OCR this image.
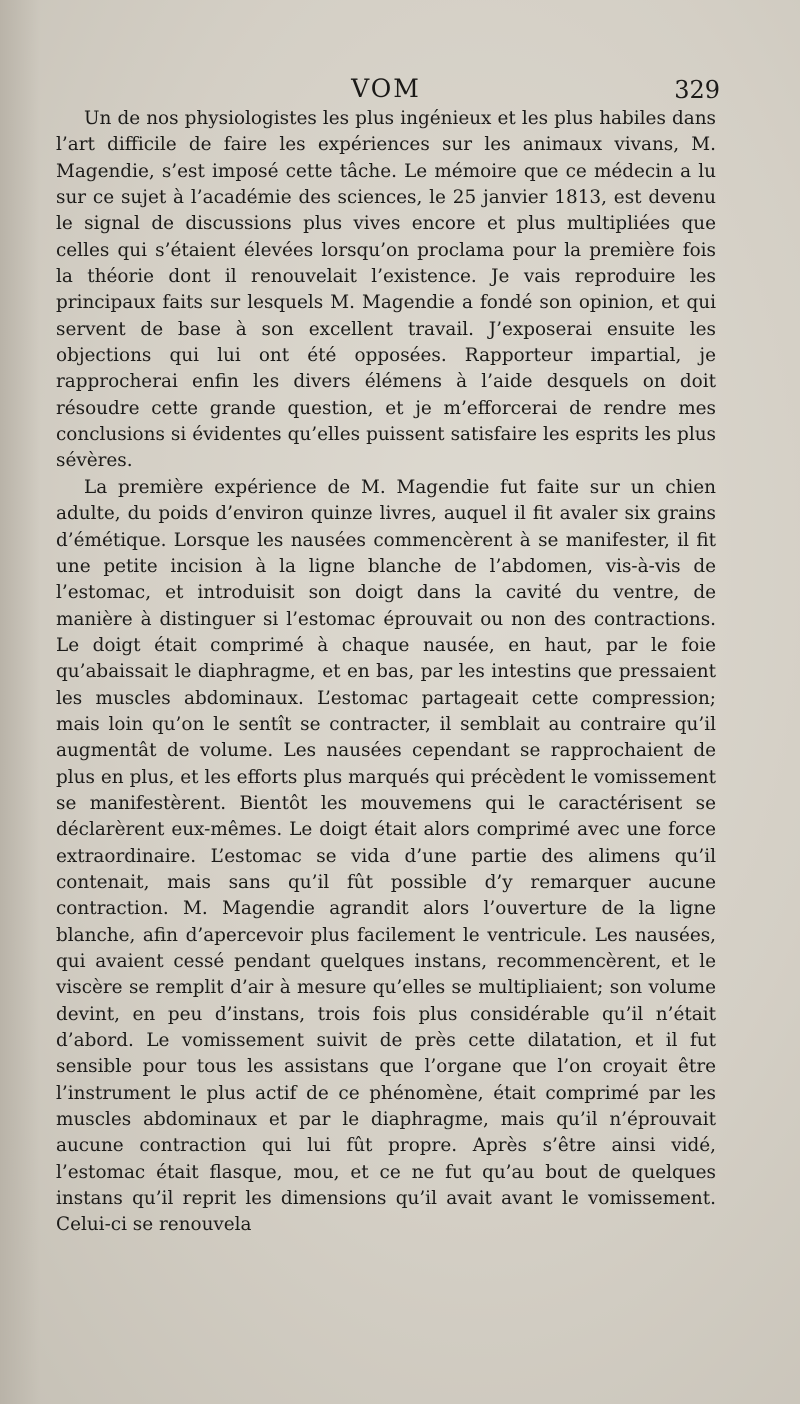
VOM	329

Un de nos physiologistes les plus ingénieux et les plus habiles dans l’art difficile de faire les expériences sur les animaux vivans, M. Magendie, s’est imposé cette tâche. Le mémoire que ce médecin a lu sur ce sujet à l’académie des sciences, le 25 janvier 1813, est devenu le signal de discussions plus vives encore et plus multipliées que celles qui s’étaient élevées lorsqu’on proclama pour la première fois la théorie dont il renouvelait l’existence. Je vais reproduire les principaux faits sur lesquels M. Magendie a fondé son opinion, et qui servent de base à son excellent travail. J’exposerai ensuite les objections qui lui ont été opposées. Rapporteur impartial, je rapprocherai enfin les divers élémens à l’aide desquels on doit résoudre cette grande question, et je m’efforcerai de rendre mes conclusions si évidentes qu’elles puissent satisfaire les esprits les plus sévères.

La première expérience de M. Magendie fut faite sur un chien adulte, du poids d’environ quinze livres, auquel il fit avaler six grains d’émétique. Lorsque les nausées commencèrent à se manifester, il fit une petite incision à la ligne blanche de l’abdomen, vis-à-vis de l’estomac, et introduisit son doigt dans la cavité du ventre, de manière à distinguer si l’estomac éprouvait ou non des contractions. Le doigt était comprimé à chaque nausée, en haut, par le foie qu’abaissait le diaphragme, et en bas, par les intestins que pressaient les muscles abdominaux. L’estomac partageait cette compression; mais loin qu’on le sentît se contracter, il semblait au contraire qu’il augmentât de volume. Les nausées cependant se rapprochaient de plus en plus, et les efforts plus marqués qui précèdent le vomissement se manifestèrent. Bientôt les mouvemens qui le caractérisent se déclarèrent eux-mêmes. Le doigt était alors comprimé avec une force extraordinaire. L’estomac se vida d’une partie des alimens qu’il contenait, mais sans qu’il fût possible d’y remarquer aucune contraction. M. Magendie agrandit alors l’ouverture de la ligne blanche, afin d’apercevoir plus facilement le ventricule. Les nausées, qui avaient cessé pendant quelques instans, recommencèrent, et le viscère se remplit d’air à mesure qu’elles se multipliaient; son volume devint, en peu d’instans, trois fois plus considérable qu’il n’était d’abord. Le vomissement suivit de près cette dilatation, et il fut sensible pour tous les assistans que l’organe que l’on croyait être l’instrument le plus actif de ce phénomène, était comprimé par les muscles abdominaux et par le diaphragme, mais qu’il n’éprouvait aucune contraction qui lui fût propre. Après s’être ainsi vidé, l’estomac était flasque, mou, et ce ne fut qu’au bout de quelques instans qu’il reprit les dimensions qu’il avait avant le vomissement. Celui-ci se renouvela
